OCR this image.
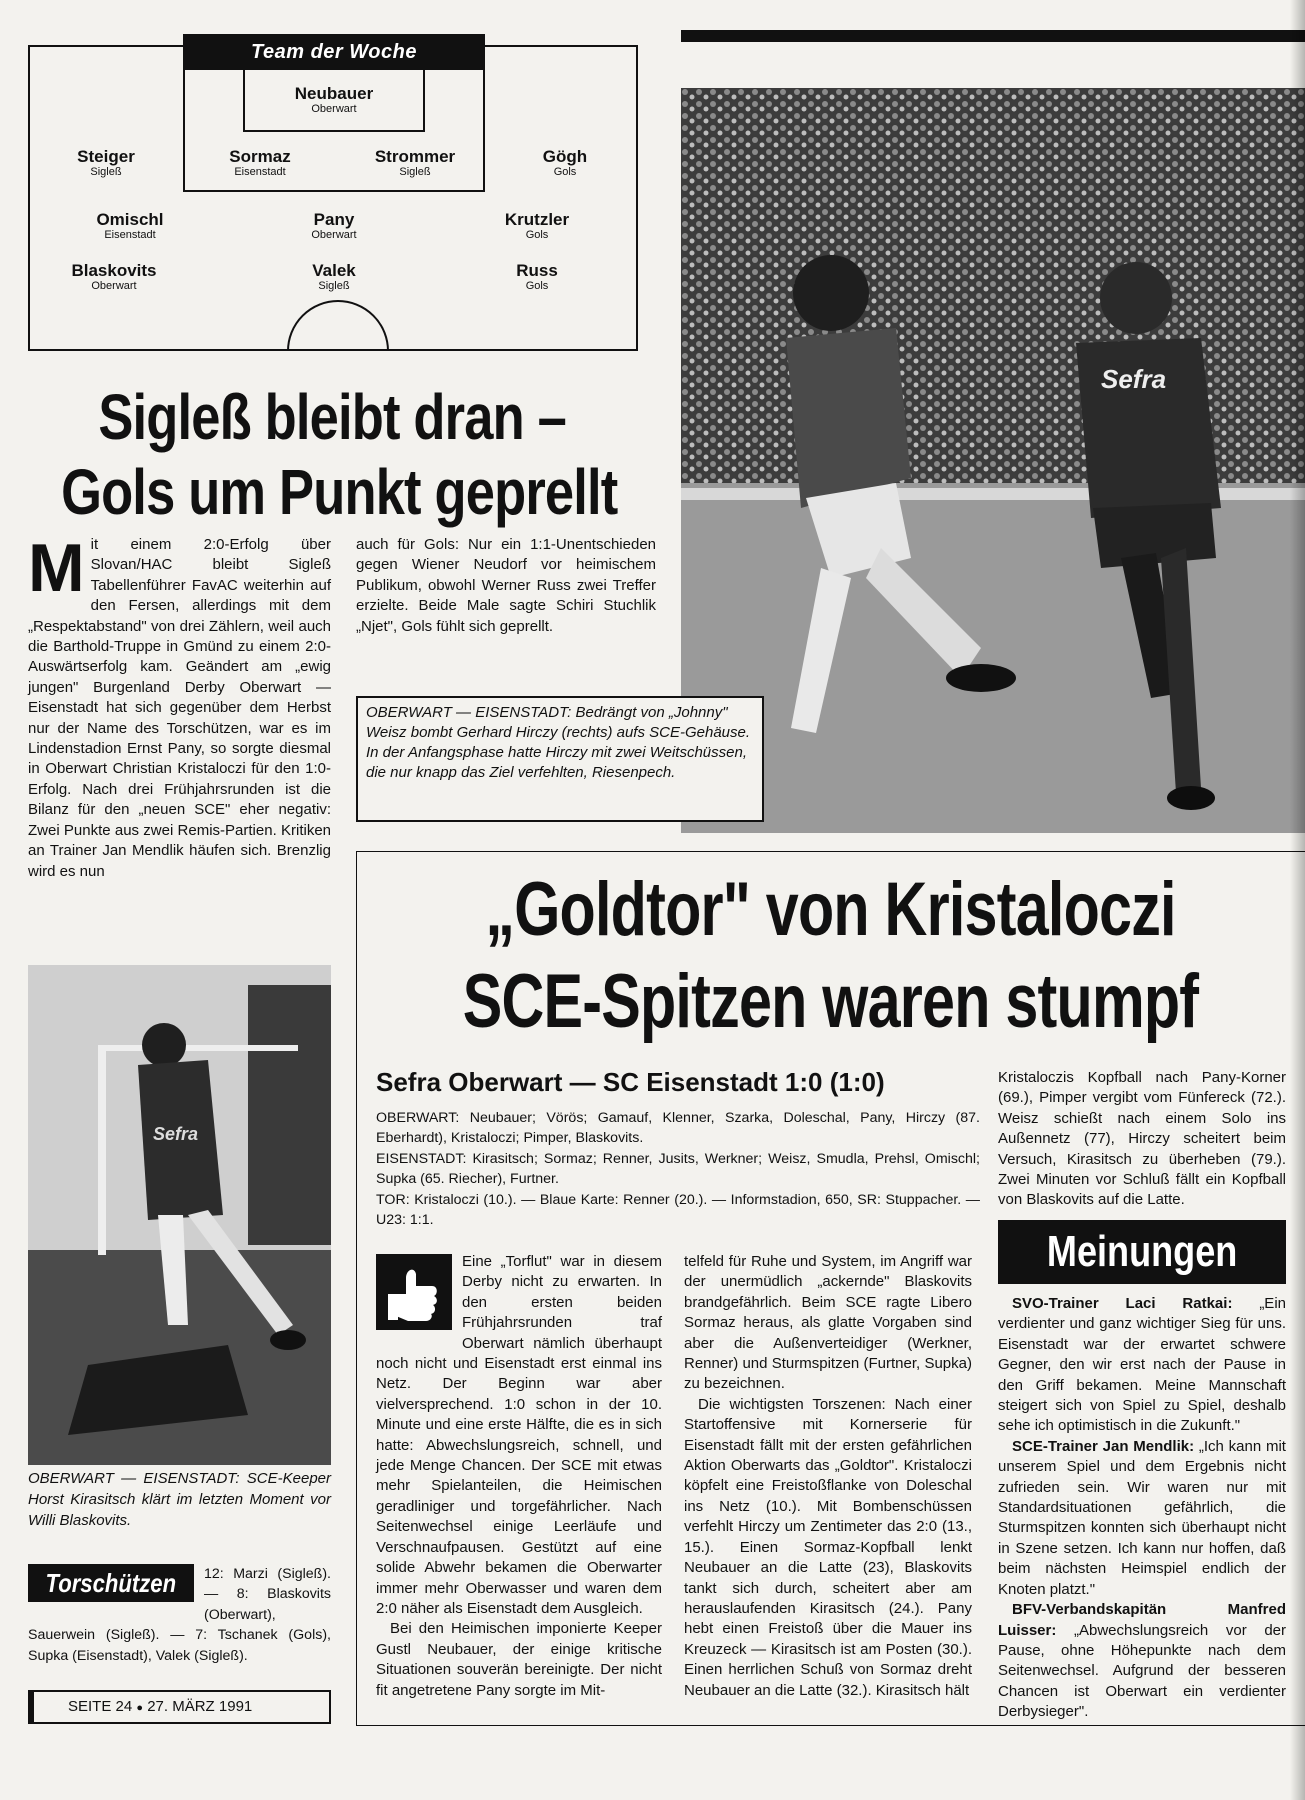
Team der Woche
Neubauer
Oberwart
Steiger
Sigleß
Sormaz
Eisenstadt
Strommer
Sigleß
Gögh
Gols
Omischl
Eisenstadt
Pany
Oberwart
Krutzler
Gols
Blaskovits
Oberwart
Valek
Sigleß
Russ
Gols
Sigleß bleibt dran –
Gols um Punkt geprellt
M it einem 2:0-Erfolg über Slovan/HAC bleibt Sigleß Tabellenführer FavAC weiterhin auf den Fersen, allerdings mit dem „Respektabstand" von drei Zählern, weil auch die Barthold-Truppe in Gmünd zu einem 2:0-Auswärtserfolg kam. Geändert am „ewig jungen" Burgenland Derby Oberwart — Eisenstadt hat sich gegenüber dem Herbst nur der Name des Torschützen, war es im Lindenstadion Ernst Pany, so sorgte diesmal in Oberwart Christian Kristaloczi für den 1:0-Erfolg. Nach drei Frühjahrsrunden ist die Bilanz für den „neuen SCE" eher negativ: Zwei Punkte aus zwei Remis-Partien. Kritiken an Trainer Jan Mendlik häufen sich. Brenzlig wird es nun
auch für Gols: Nur ein 1:1-Unentschieden gegen Wiener Neudorf vor heimischem Publikum, obwohl Werner Russ zwei Treffer erzielte. Beide Male sagte Schiri Stuchlik „Njet", Gols fühlt sich geprellt.
Sefra
OBERWART — EISENSTADT: Bedrängt von „Johnny" Weisz bombt Gerhard Hirczy (rechts) aufs SCE-Gehäuse. In der Anfangsphase hatte Hirczy mit zwei Weitschüssen, die nur knapp das Ziel verfehlten, Riesenpech.
Sefra
OBERWART — EISENSTADT: SCE-Keeper Horst Kirasitsch klärt im letzten Moment vor Willi Blaskovits.
Torschützen	12: Marzi (Sigleß). — 8: Blaskovits (Oberwart), Sauerwein (Sigleß). — 7: Tschanek (Gols), Supka (Eisenstadt), Valek (Sigleß).
SEITE 24 ● 27. MÄRZ 1991
„Goldtor" von Kristaloczi
SCE-Spitzen waren stumpf
Sefra Oberwart — SC Eisenstadt 1:0 (1:0)
OBERWART: Neubauer; Vörös; Gamauf, Klenner, Szarka, Doleschal, Pany, Hirczy (87. Eberhardt), Kristaloczi; Pimper, Blaskovits.
EISENSTADT: Kirasitsch; Sormaz; Renner, Jusits, Werkner; Weisz, Smudla, Prehsl, Omischl; Supka (65. Riecher), Furtner.
TOR: Kristaloczi (10.). — Blaue Karte: Renner (20.). — Informstadion, 650, SR: Stuppacher. — U23: 1:1.

Eine „Torflut" war in diesem Derby nicht zu erwarten. In den ersten beiden Frühjahrsrunden traf Oberwart nämlich überhaupt noch nicht und Eisenstadt erst einmal ins Netz. Der Beginn war aber vielversprechend. 1:0 schon in der 10. Minute und eine erste Hälfte, die es in sich hatte: Abwechslungsreich, schnell, und jede Menge Chancen. Der SCE mit etwas mehr Spielanteilen, die Heimischen geradliniger und torgefährlicher. Nach Seitenwechsel einige Leerläufe und Verschnaufpausen. Gestützt auf eine solide Abwehr bekamen die Oberwarter immer mehr Oberwasser und waren dem 2:0 näher als Eisenstadt dem Ausgleich.

Bei den Heimischen imponierte Keeper Gustl Neubauer, der einige kritische Situationen souverän bereinigte. Der nicht fit angetretene Pany sorgte im Mit-

telfeld für Ruhe und System, im Angriff war der unermüdlich „ackernde" Blaskovits brandgefährlich. Beim SCE ragte Libero Sormaz heraus, als glatte Vorgaben sind aber die Außenverteidiger (Werkner, Renner) und Sturmspitzen (Furtner, Supka) zu bezeichnen.

Die wichtigsten Torszenen: Nach einer Startoffensive mit Kornerserie für Eisenstadt fällt mit der ersten gefährlichen Aktion Oberwarts das „Goldtor". Kristaloczi köpfelt eine Freistoßflanke von Doleschal ins Netz (10.). Mit Bombenschüssen verfehlt Hirczy um Zentimeter das 2:0 (13., 15.). Einen Sormaz-Kopfball lenkt Neubauer an die Latte (23), Blaskovits tankt sich durch, scheitert aber am herauslaufenden Kirasitsch (24.). Pany hebt einen Freistoß über die Mauer ins Kreuzeck — Kirasitsch ist am Posten (30.). Einen herrlichen Schuß von Sormaz dreht Neubauer an die Latte (32.). Kirasitsch hält

Kristaloczis Kopfball nach Pany-Korner (69.), Pimper vergibt vom Fünfereck (72.). Weisz schießt nach einem Solo ins Außennetz (77), Hirczy scheitert beim Versuch, Kirasitsch zu überheben (79.). Zwei Minuten vor Schluß fällt ein Kopfball von Blaskovits auf die Latte.

Meinungen

SVO-Trainer Laci Ratkai: „Ein verdienter und ganz wichtiger Sieg für uns. Eisenstadt war der erwartet schwere Gegner, den wir erst nach der Pause in den Griff bekamen. Meine Mannschaft steigert sich von Spiel zu Spiel, deshalb sehe ich optimistisch in die Zukunft."

SCE-Trainer Jan Mendlik: „Ich kann mit unserem Spiel und dem Ergebnis nicht zufrieden sein. Wir waren nur mit Standardsituationen gefährlich, die Sturmspitzen konnten sich überhaupt nicht in Szene setzen. Ich kann nur hoffen, daß beim nächsten Heimspiel endlich der Knoten platzt."

BFV-Verbandskapitän Manfred Luisser: „Abwechslungsreich vor der Pause, ohne Höhepunkte nach dem Seitenwechsel. Aufgrund der besseren Chancen ist Oberwart ein verdienter Derbysieger".
